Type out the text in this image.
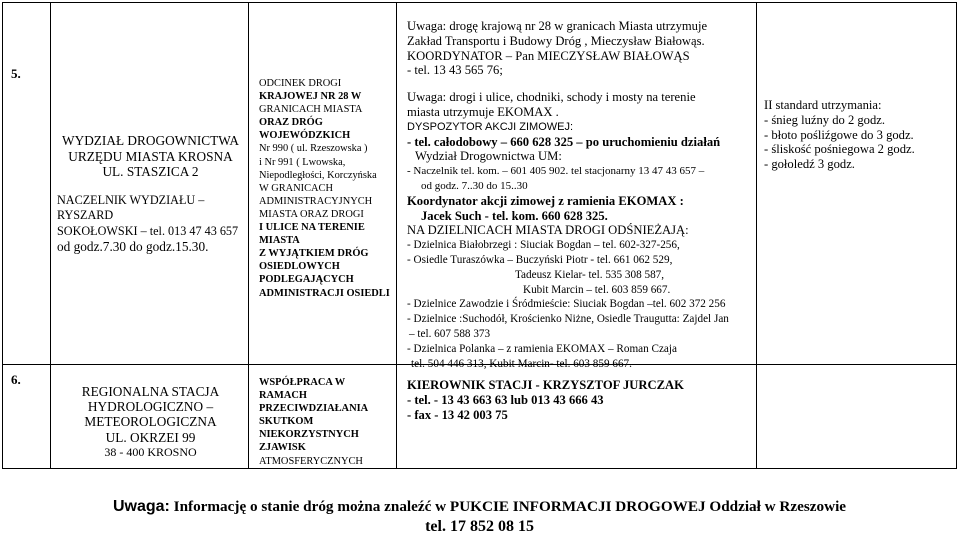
5.
WYDZIAŁ DROGOWNICTWA
URZĘDU MIASTA KROSNA
UL. STASZICA 2
NACZELNIK WYDZIAŁU – RYSZARD
SOKOŁOWSKI – tel. 013 47 43 657
od godz.7.30 do godz.15.30.
ODCINEK DROGI
KRAJOWEJ NR 28 W
GRANICACH MIASTA
ORAZ DRÓG
WOJEWÓDZKICH
Nr 990 ( ul. Rzeszowska )
i Nr 991 ( Lwowska,
Niepodległości, Korczyńska
W GRANICACH
ADMINISTRACYJNYCH
MIASTA ORAZ DROGI
I ULICE NA TERENIE
MIASTA
Z WYJĄTKIEM DRÓG
OSIEDLOWYCH
PODLEGAJĄCYCH
ADMINISTRACJI OSIEDLI
Uwaga: drogę krajową nr 28 w granicach Miasta utrzymuje
Zakład Transportu i Budowy Dróg , Mieczysław Białowąs.
KOORDYNATOR – Pan MIECZYSŁAW BIAŁOWĄS
- tel. 13 43 565 76;
Uwaga: drogi i ulice, chodniki, schody i mosty na terenie
miasta utrzymuje EKOMAX .
DYSPOZYTOR AKCJI ZIMOWEJ:
- tel. całodobowy – 660 628 325 – po uruchomieniu działań
Wydział Drogownictwa UM:
- Naczelnik tel. kom. – 601 405 902. tel stacjonarny 13 47 43 657 –
od godz. 7..30 do 15..30
Koordynator akcji zimowej z ramienia EKOMAX :
Jacek Such - tel. kom. 660 628 325.
NA DZIELNICACH MIASTA DROGI ODŚNIEŻAJĄ:
- Dzielnica Białobrzegi : Siuciak Bogdan – tel. 602-327-256,
- Osiedle Turaszówka – Buczyński Piotr - tel. 661 062 529,
Tadeusz Kielar- tel. 535 308 587,
Kubit Marcin – tel. 603 859 667.
- Dzielnice Zawodzie i Śródmieście: Siuciak Bogdan –tel. 602 372 256
- Dzielnice :Suchodół, Krościenko Niżne, Osiedle Traugutta: Zajdel Jan
– tel. 607 588 373
- Dzielnica Polanka – z ramienia EKOMAX – Roman Czaja
tel. 504 446 313, Kubit Marcin- tel. 603 859 667.
II standard utrzymania:
- śnieg luźny do 2 godz.
- błoto pośliźgowe do 3 godz.
- śliskość pośniegowa 2 godz.
- gołoledź 3 godz.
6.
REGIONALNA STACJA
HYDROLOGICZNO –
METEOROLOGICZNA
UL. OKRZEI 99
38 - 400 KROSNO
WSPÓŁPRACA W
RAMACH
PRZECIWDZIAŁANIA
SKUTKOM
NIEKORZYSTNYCH
ZJAWISK
ATMOSFERYCZNYCH
KIEROWNIK STACJI - KRZYSZTOF JURCZAK
- tel. - 13 43 663 63 lub 013 43 666 43
- fax - 13 42 003 75
Uwaga: Informację o stanie dróg można znaleźć w PUKCIE INFORMACJI DROGOWEJ Oddział w Rzeszowie
tel. 17 852 08 15
